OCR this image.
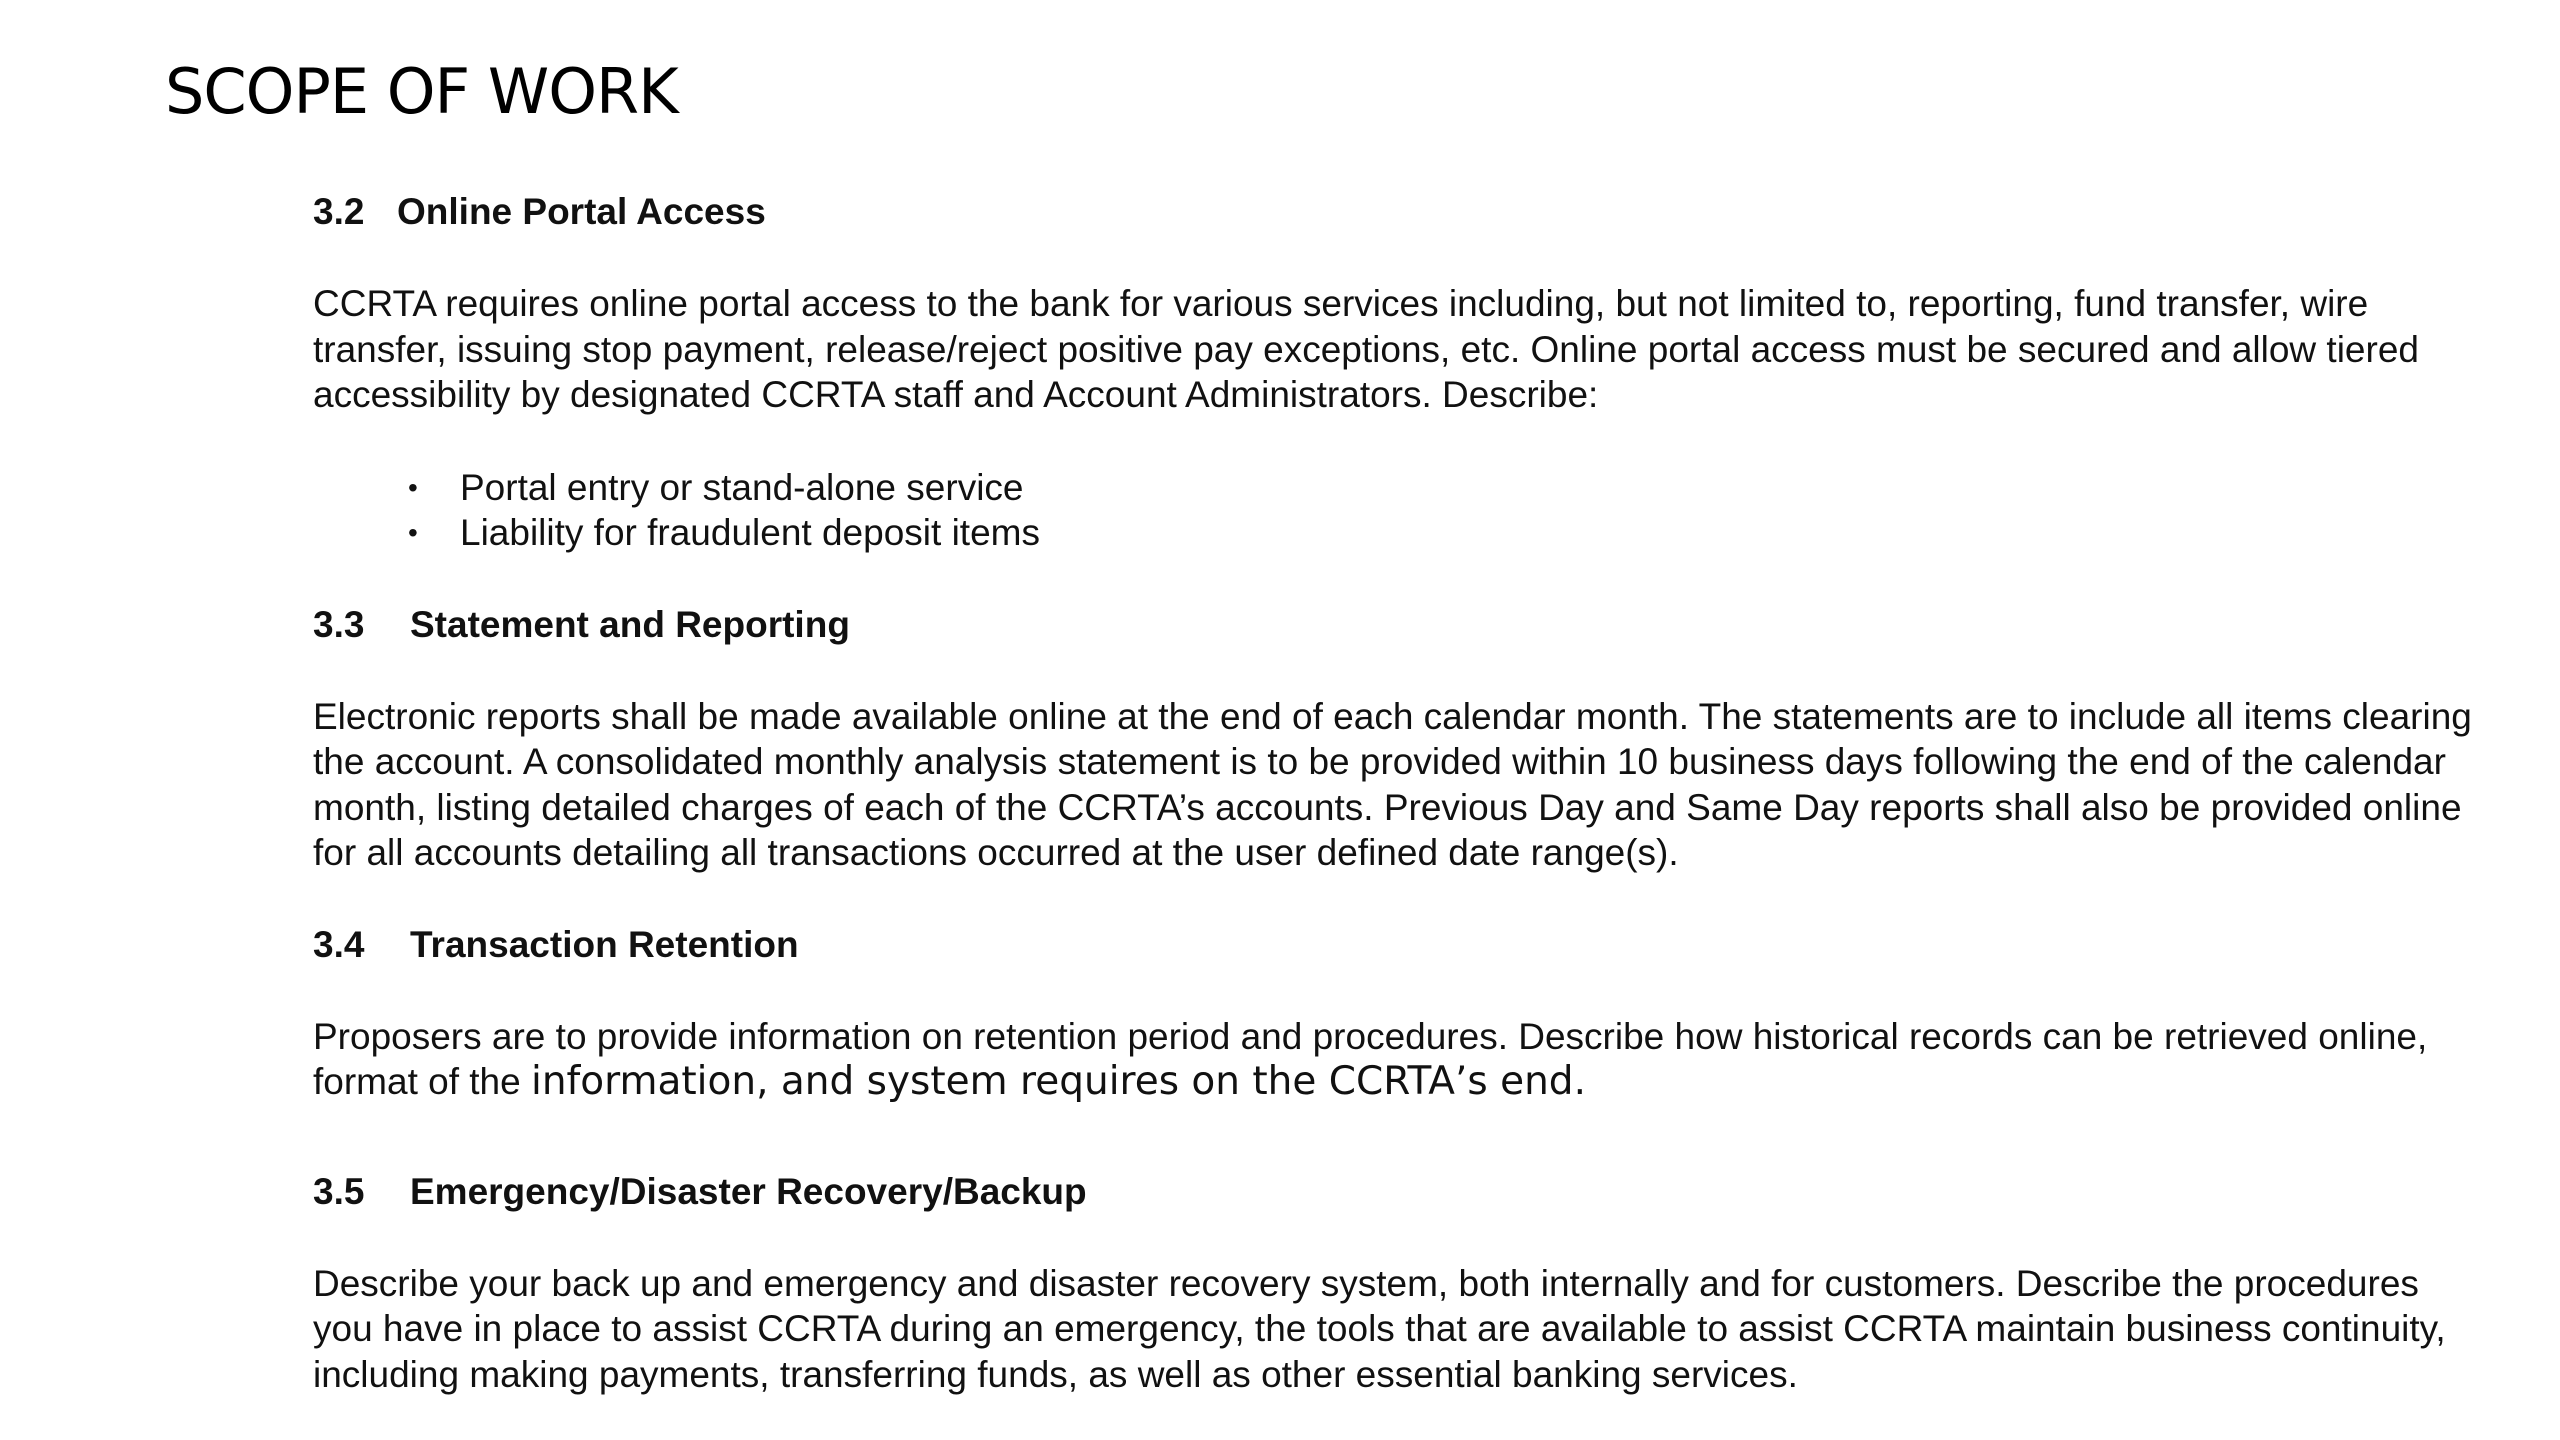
SCOPE OF WORK
3.2 Online Portal Access

CCRTA requires online portal access to the bank for various services including, but not limited to, reporting, fund transfer, wire
transfer, issuing stop payment, release/reject positive pay exceptions, etc. Online portal access must be secured and allow tiered
accessibility by designated CCRTA staff and Account Administrators. Describe:

•	Portal entry or stand-alone service
•	Liability for fraudulent deposit items
3.3	Statement and Reporting

Electronic reports shall be made available online at the end of each calendar month. The statements are to include all items clearing
the account. A consolidated monthly analysis statement is to be provided within 10 business days following the end of the calendar
month, listing detailed charges of each of the CCRTA’s accounts. Previous Day and Same Day reports shall also be provided online
for all accounts detailing all transactions occurred at the user defined date range(s).

3.4	Transaction Retention

Proposers are to provide information on retention period and procedures. Describe how historical records can be retrieved online,
format of the information, and system requires on the CCRTA’s end.

3.5	Emergency/Disaster Recovery/Backup

Describe your back up and emergency and disaster recovery system, both internally and for customers. Describe the procedures
you have in place to assist CCRTA during an emergency, the tools that are available to assist CCRTA maintain business continuity,
including making payments, transferring funds, as well as other essential banking services.
